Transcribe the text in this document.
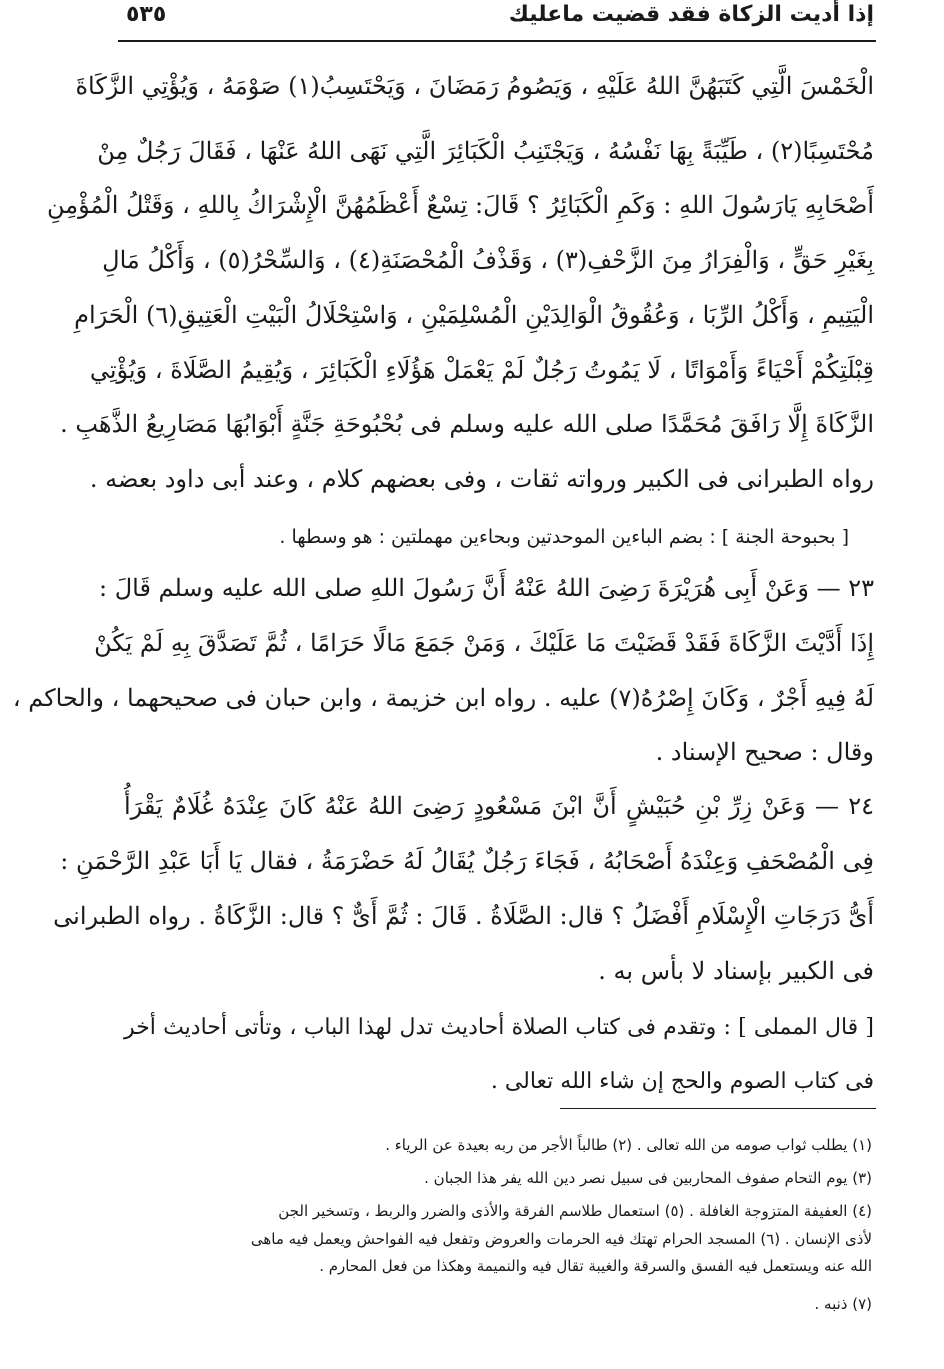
إذا أديت الزكاة فقد قضيت ماعليك
٥٣٥
الْخَمْسَ الَّتِي كَتَبَهُنَّ اللهُ عَلَيْهِ ، وَيَصُومُ رَمَضَانَ ، وَيَحْتَسِبُ(١) صَوْمَهُ ، وَيُؤْتِي الزَّكَاةَ
مُحْتَسِبًا(٢) ، طَيِّبَةً بِهَا نَفْسُهُ ، وَيَجْتَنِبُ الْكَبَائِرَ الَّتِي نَهَى اللهُ عَنْهَا ، فَقَالَ رَجُلٌ مِنْ
أَصْحَابِهِ يَارَسُولَ اللهِ : وَكَمِ الْكَبَائِرُ ؟ قَالَ: تِسْعٌ أَعْظَمُهُنَّ الْإِشْرَاكُ بِاللهِ ، وَقَتْلُ الْمُؤْمِنِ
بِغَيْرِ حَقٍّ ، وَالْفِرَارُ مِنَ الزَّحْفِ(٣) ، وَقَذْفُ الْمُحْصَنَةِ(٤) ، وَالسِّحْرُ(٥) ، وَأَكْلُ مَالِ
الْيَتِيمِ ، وَأَكْلُ الرِّبَا ، وَعُقُوقُ الْوَالِدَيْنِ الْمُسْلِمَيْنِ ، وَاسْتِحْلَالُ الْبَيْتِ الْعَتِيقِ(٦) الْحَرَامِ
قِبْلَتِكُمْ أَحْيَاءً وَأَمْوَاتًا ، لَا يَمُوتُ رَجُلٌ لَمْ يَعْمَلْ هَؤُلَاءِ الْكَبَائِرَ ، وَيُقِيمُ الصَّلَاةَ ، وَيُؤْتِي
الزَّكَاةَ إِلَّا رَافَقَ مُحَمَّدًا صلى الله عليه وسلم فى بُحْبُوحَةِ جَنَّةٍ أَبْوَابُهَا مَصَارِيعُ الذَّهَبِ .
رواه الطبرانى فى الكبير ورواته ثقات ، وفى بعضهم كلام ، وعند أبى داود بعضه .
[ بحبوحة الجنة ] : بضم الباءين الموحدتين وبحاءين مهملتين : هو وسطها .
٢٣ — وَعَنْ أَبِى هُرَيْرَةَ رَضِىَ اللهُ عَنْهُ أَنَّ رَسُولَ اللهِ صلى الله عليه وسلم قَالَ :
إِذَا أَدَّيْتَ الزَّكَاةَ فَقَدْ قَضَيْتَ مَا عَلَيْكَ ، وَمَنْ جَمَعَ مَالًا حَرَامًا ، ثُمَّ تَصَدَّقَ بِهِ لَمْ يَكُنْ
لَهُ فِيهِ أَجْرٌ ، وَكَانَ إِصْرُهُ(٧) عليه . رواه ابن خزيمة ، وابن حبان فى صحيحهما ، والحاكم ،
وقال : صحيح الإسناد .
٢٤ — وَعَنْ زِرِّ بْنِ حُبَيْشٍ أَنَّ ابْنَ مَسْعُودٍ رَضِىَ اللهُ عَنْهُ كَانَ عِنْدَهُ غُلَامٌ يَقْرَأُ
فِى الْمُصْحَفِ وَعِنْدَهُ أَصْحَابُهُ ، فَجَاءَ رَجُلٌ يُقَالُ لَهُ حَضْرَمَةُ ، فقال يَا أَبَا عَبْدِ الرَّحْمَنِ :
أَىُّ دَرَجَاتِ الْإِسْلَامِ أَفْضَلُ ؟ قال: الصَّلَاةُ . قَالَ : ثُمَّ أَىٌّ ؟ قال: الزَّكَاةُ . رواه الطبرانى
فى الكبير بإسناد لا بأس به .
[ قال المملى ] : وتقدم فى كتاب الصلاة أحاديث تدل لهذا الباب ، وتأتى أحاديث أخر
فى كتاب الصوم والحج إن شاء الله تعالى .
(١) يطلب ثواب صومه من الله تعالى . (٢) طالباً الأجر من ربه بعيدة عن الرياء .
(٣) يوم التحام صفوف المحاربين فى سبيل نصر دين الله يفر هذا الجبان .
(٤) العفيفة المتزوجة الغافلة . (٥) استعمال طلاسم الفرقة والأذى والضرر والربط ، وتسخير الجن
لأذى الإنسان . (٦) المسجد الحرام تهتك فيه الحرمات والعروض وتفعل فيه الفواحش ويعمل فيه ماهى
الله عنه ويستعمل فيه الفسق والسرقة والغيبة تقال فيه والنميمة وهكذا من فعل المحارم .
(٧) ذنبه .
